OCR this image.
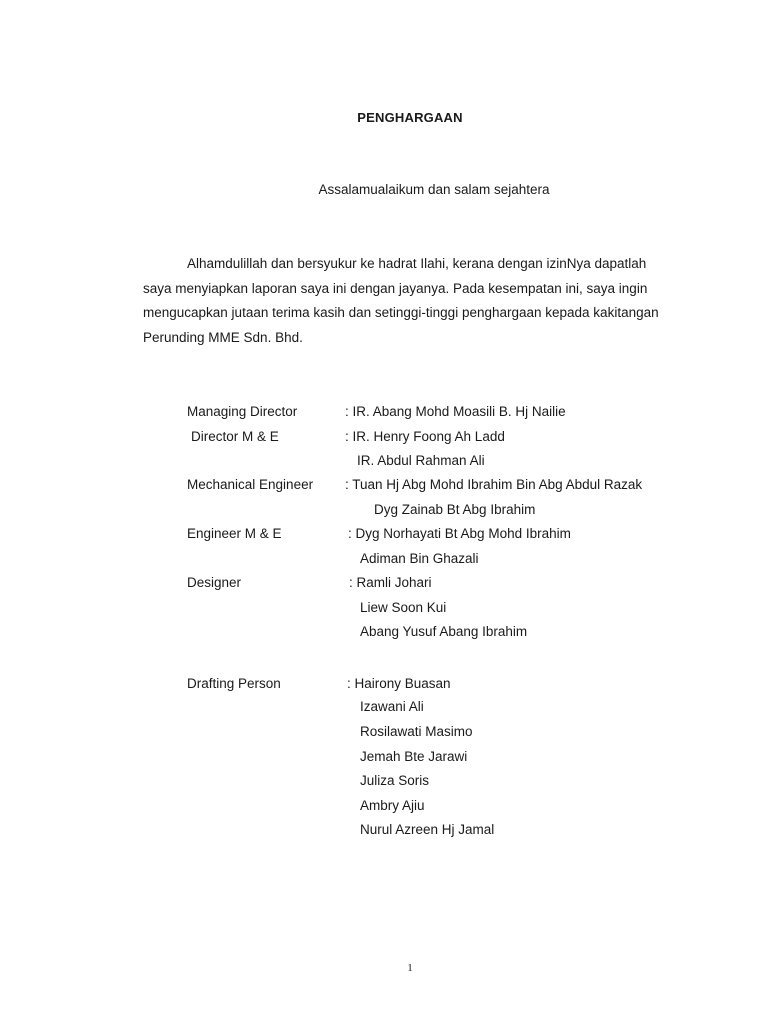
PENGHARGAAN
Assalamualaikum dan salam sejahtera
Alhamdulillah dan bersyukur ke hadrat Ilahi, kerana dengan izinNya dapatlah
saya menyiapkan laporan saya ini dengan jayanya. Pada kesempatan ini, saya ingin
mengucapkan jutaan terima kasih dan setinggi-tinggi penghargaan kepada kakitangan
Perunding MME Sdn. Bhd.
Managing Director	: IR. Abang Mohd Moasili B. Hj Nailie
Director M & E	: IR. Henry Foong Ah Ladd
IR. Abdul Rahman Ali
Mechanical Engineer : Tuan Hj Abg Mohd Ibrahim Bin Abg Abdul Razak
Dyg Zainab Bt Abg Ibrahim
Engineer M & E	: Dyg Norhayati Bt Abg Mohd Ibrahim
Adiman Bin Ghazali
Designer	: Ramli Johari
Liew Soon Kui
Abang Yusuf Abang Ibrahim
Drafting Person	: Hairony Buasan
Izawani Ali
Rosilawati Masimo
Jemah Bte Jarawi
Juliza Soris
Ambry Ajiu
Nurul Azreen Hj Jamal
1
